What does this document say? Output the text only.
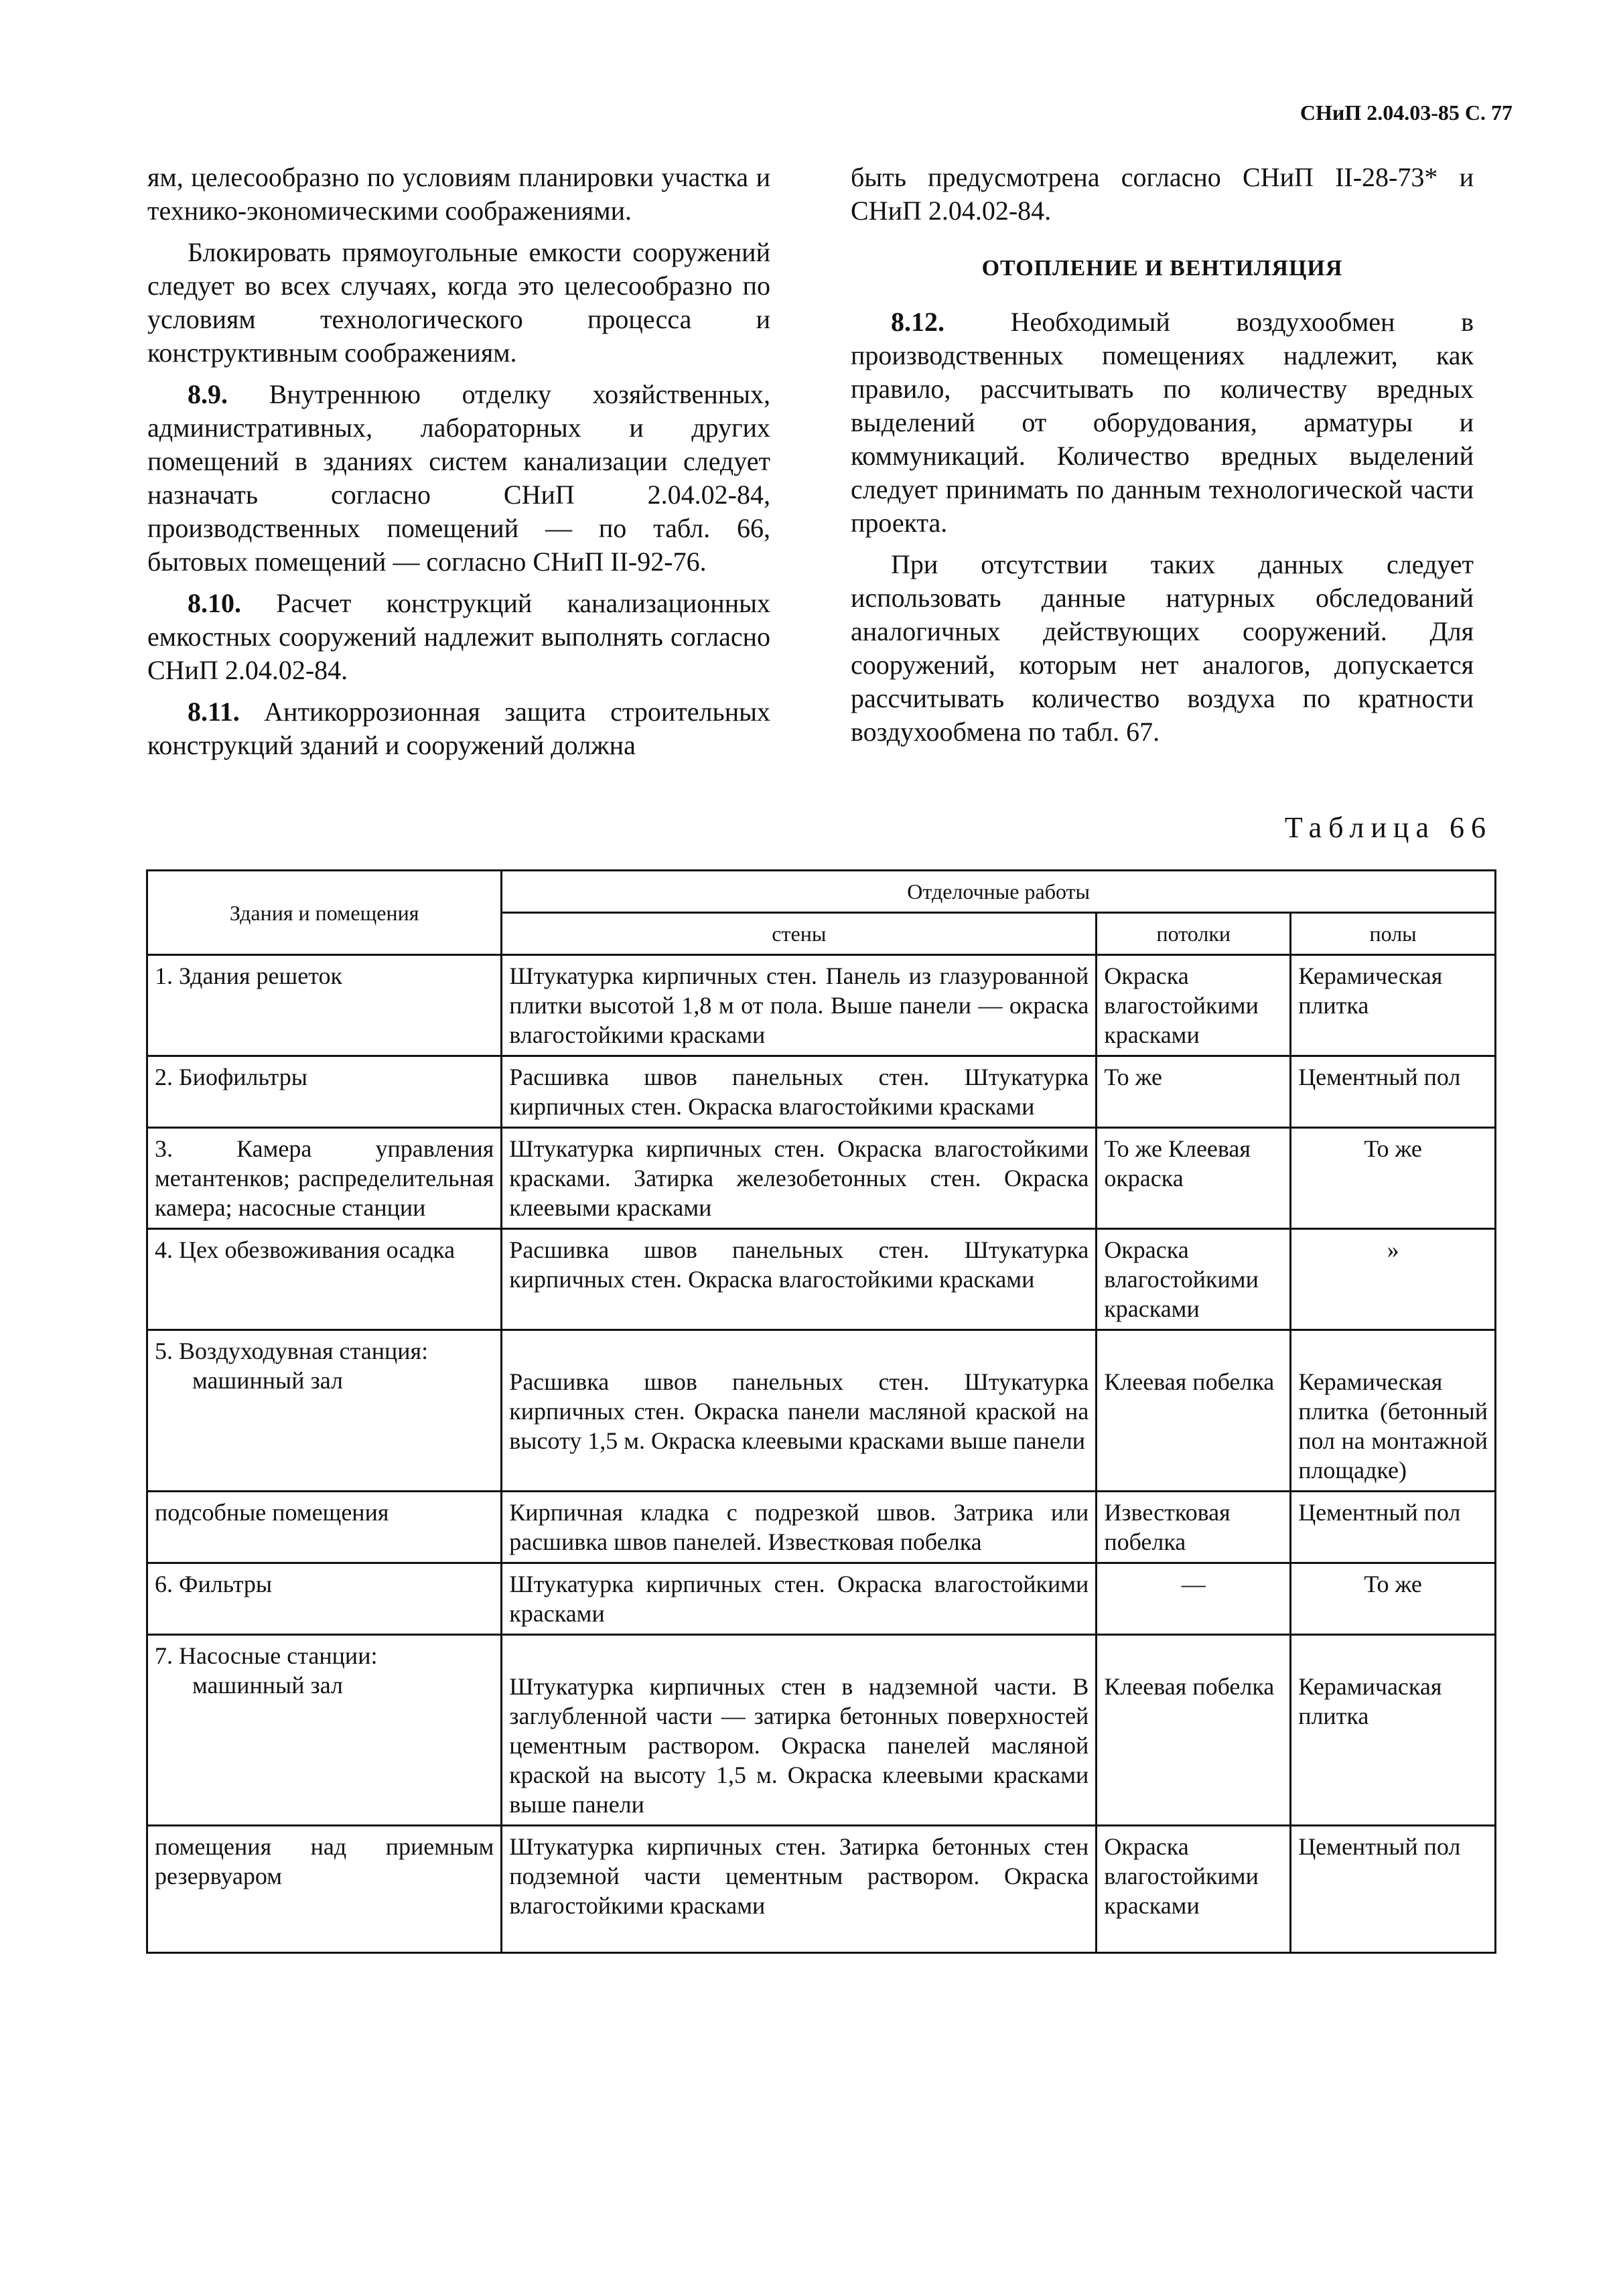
СНиП 2.04.03-85 С. 77

ям, целесообразно по условиям планировки участка и технико-экономическими соображениями.

Блокировать прямоугольные емкости сооружений следует во всех случаях, когда это целесообразно по условиям технологического процесса и конструктивным соображениям.

8.9. Внутреннюю отделку хозяйственных, административных, лабораторных и других помещений в зданиях систем канализации следует назначать согласно СНиП 2.04.02-84, производственных помещений — по табл. 66, бытовых помещений — согласно СНиП II-92-76.

8.10. Расчет конструкций канализационных емкостных сооружений надлежит выполнять согласно СНиП 2.04.02-84.

8.11. Антикоррозионная защита строительных конструкций зданий и сооружений должна

быть предусмотрена согласно СНиП II-28-73* и СНиП 2.04.02-84.

ОТОПЛЕНИЕ И ВЕНТИЛЯЦИЯ

8.12. Необходимый воздухообмен в производственных помещениях надлежит, как правило, рассчитывать по количеству вредных выделений от оборудования, арматуры и коммуникаций. Количество вредных выделений следует принимать по данным технологической части проекта.

При отсутствии таких данных следует использовать данные натурных обследований аналогичных действующих сооружений. Для сооружений, которым нет аналогов, допускается рассчитывать количество воздуха по кратности воздухообмена по табл. 67.

Таблица 66
Здания и помещения	Отделочные работы		
	стены	потолки	полы
1. Здания решеток	Штукатурка кирпичных стен. Панель из глазурованной плитки высотой 1,8 м от пола. Выше панели — окраска влагостойкими красками	Окраска влагостойкими красками	Керамическая плитка
2. Биофильтры	Расшивка швов панельных стен. Штукатурка кирпичных стен. Окраска влагостойкими красками	То же	Цементный пол
3. Камера управления метантенков; распределительная камера; насосные станции	Штукатурка кирпичных стен. Окраска влагостойкими красками. Затирка железобетонных стен. Окраска клеевыми красками	То же Клеевая окраска	То же
4. Цех обезвоживания осадка	Расшивка швов панельных стен. Штукатурка кирпичных стен. Окраска влагостойкими красками	Окраска влагостойкими красками	»

5. Воздуходувная станция:
машинный зал	Расшивка швов панельных стен. Штукатурка кирпичных стен. Окраска панели масляной краской на высоту 1,5 м. Окраска клеевыми красками выше панели	Клеевая побелка	Керамическая плитка (бетонный пол на монтажной площадке)
подсобные помещения	Кирпичная кладка с подрезкой швов. Затрика или расшивка швов панелей. Известковая побелка	Известковая побелка	Цементный пол
6. Фильтры	Штукатурка кирпичных стен. Окраска влагостойкими красками	—	То же

7. Насосные станции:
машинный зал	Штукатурка кирпичных стен в надземной части. В заглубленной части — затирка бетонных поверхностей цементным раствором. Окраска панелей масляной краской на высоту 1,5 м. Окраска клеевыми красками выше панели	Клеевая побелка	Керамичаская плитка
помещения над приемным резервуаром	Штукатурка кирпичных стен. Затирка бетонных стен подземной части цементным раствором. Окраска влагостойкими красками	Окраска влагостойкими красками	Цементный пол
